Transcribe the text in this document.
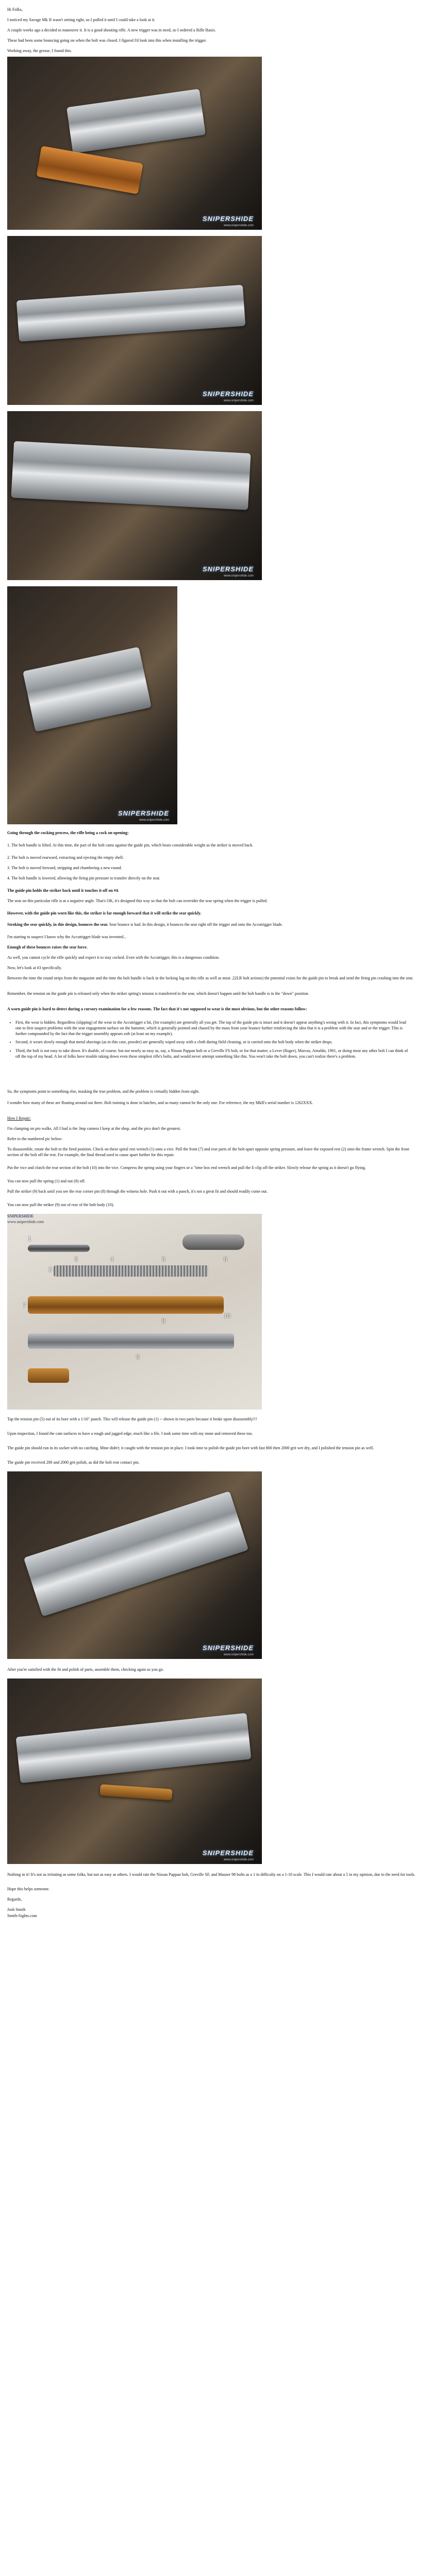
Hi Folks,

I noticed my Savage Mk II wasn't setting right, so I pulled it until I could take a look at it.

A couple weeks ago a decided to maneuver it. It is a good shooting rifle. A new trigger was in need, so I ordered a Rifle Basix.

These had been some bouncing going on when the bolt was closed. I figured I'd look into this when installing the trigger.

Working away, the grease, I found this.

SNIPERSHIDE
www.snipershide.com
SNIPERSHIDE
www.snipershide.com
SNIPERSHIDE
www.snipershide.com
SNIPERSHIDE
www.snipershide.com

Going through the cocking process, the rifle being a cock on opening:

1. The bolt handle is lifted. At this time, the part of the bolt cams against the guide pin, which bears considerable weight as the striker is moved back.

2. The bolt is moved rearward, extracting and ejecting the empty shell.

3. The bolt is moved forward, stripping and chambering a new round.

4. The bolt handle is lowered, allowing the firing pin pressure to transfer directly on the sear.

The guide pin holds the striker back until it touches it off on #4.

The sear on this particular rifle is at a negative angle. That's OK, it's designed this way so that the bolt can overrider the sear spring when the trigger is pulled.

However, with the guide pin worn like this, the striker is far enough forward that it will strike the sear quickly.

Stroking the sear quickly, in this design, bounces the sear. Sear bounce is bad. In this design, it bounces the sear right off the trigger and onto the Accutrigger blade.

I'm starting to suspect I know why the Accutrigger blade was invented...

Enough of these bounces raises the sear force.

As well, you cannot cycle the rifle quickly and expect it to stay cocked. Even with the Accutrigger, this is a dangerous condition.

Now, let's look at #3 specifically.

Between the time the round strips from the magazine and the time the bolt handle is back in the locking lug on this rifle as well as most .22LR bolt actions) the potential exists for the guide pin to break and send the firing pin crashing into the sear.

Remember, the tension on the guide pin is released only when the striker spring's tension is transferred to the sear, which doesn't happen until the bolt handle is in the "down" position.

A worn guide pin is hard to detect during a cursory examination for a few reasons. The fact that it's not supposed to wear is the most obvious, but the other reasons follow:

• First, the wear is hidden. Regardless (slipping) of the wear to the Accutrigger a bit, (for example) are generally all you get. The top of the guide pin is intact and it doesn't appear anything's wrong with it. In fact, this symptoms would lead one to first suspect problems with the sear engagement surface on the hammer, which is generally pointed and chased by the mass from your bounce further reinforcing the idea that it is a problem with the sear and or the trigger. This is further compounded by the fact that the trigger assembly appears soft (at least on my example).
• Second, it wears slowly enough that metal shavings (as in this case, powder) are generally wiped away with a cloth during field cleaning, or is carried onto the bolt body when the striker drops.
• Third, the bolt is not easy to take down. It's doable, of course, but not nearly as easy as, say, a Nissan Pappan bolt or a Greville FS bolt, or for that matter, a Lever (Ruger), Marcus, Arnaldo, 1901, or doing most any other bolt I can think of off the top of my head. A lot of folks have trouble taking down even these simplest rifle's bolts, and would never attempt something like this. You won't take the bolt down, you can't realize there's a problem.

So, the symptoms point to something else, masking the true problem, and the problem is virtually hidden from sight.

I wonder how many of these are floating around out there. Bolt training is done in batches, and so many cannot be the only one. For reference, the my MkII's serial number is 1262XXX.

How I Repair:

I'm clamping on pro walks. All I had is the 3mp camera I keep at the shop, and the pics don't the greatest.

Refer to the numbered pic below:

To disassemble, rotate the bolt to the fired position. Check on these spiral rest wrench (1) onto a vice. Pull the front (7) and rear parts of the bolt apart opposite spring pressure, and leave the exposed rest (2) onto the frame wrench. Spin the front section of the bolt off the rest. For example, the final thread used to cause apart further for this repair.

Put the vice and clutch the rear section of the bolt (10) into the vice. Compress the spring using your fingers or a "time box end wrench and pull the E-clip off the striker. Slowly release the spring as it doesn't go flying.

You can now pull the spring (1) and nut (8) off.

Pull the striker (9) back until you see the rear corner pin (8) through the witness hole. Push it out with a punch, it's not a great fit and should readily come out.

You can now pull the striker (9) out of rear of the bolt body (10).

1
2
3	4	5	6
7
8
9
10
SNIPERSHIDE
www.snipershide.com

Tap the tension pin (5) out of its bore with a 1/16" punch. This will release the guide pin (1) -- shown in two parts because it broke upon disassembly!!!

Upon inspection, I found the cam surfaces to have a rough and jagged edge, much like a file. I took some time with my stone and removed these too.

The guide pin should run in its socket with no catching. Mine didn't; it caught with the tension pin in place. I took time to polish the guide pin bore with fast 800 then 2000 grit wet dry, and I polished the tension pin as well.

The guide pin received 200 and 2000 grit polish, as did the bolt rear contact pin.

SNIPERSHIDE
www.snipershide.com

After you're satisfied with the fit and polish of parts, assemble them, checking again as you go.

SNIPERSHIDE
www.snipershide.com

Nothing in it! It's not as irritating as some folks, but not as easy as others. I would rate the Nissan Pappan bolt, Greville SF, and Mauser 98 bolts as a 1 in difficulty on a 1-10 scale. This I would rate about a 5 in my opinion, due to the need for tools.

Hope this helps someone.

Regards,

Josh Smith

Smith-Sights.com
